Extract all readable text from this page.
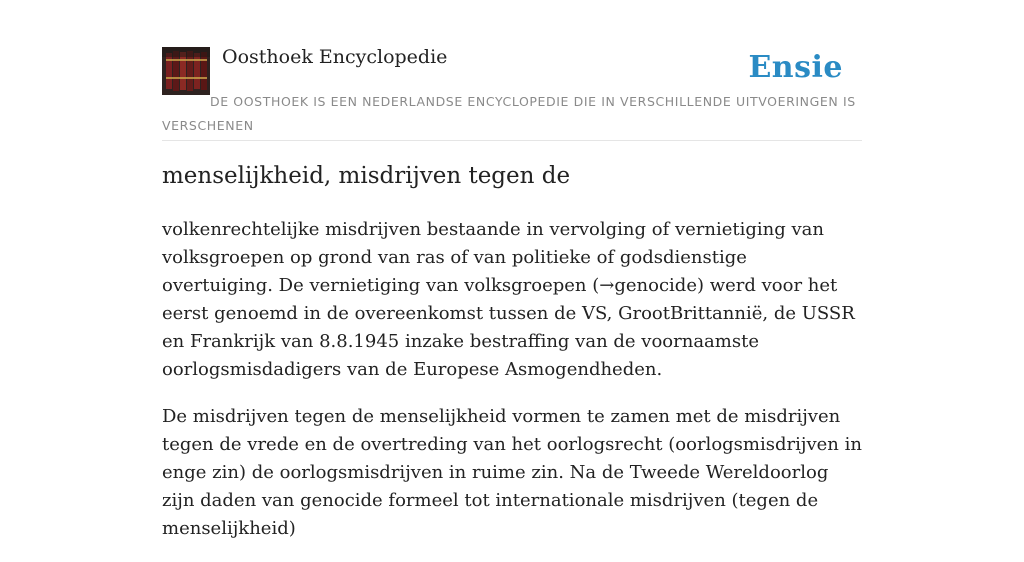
Oosthoek Encyclopedie	Ensie
DE OOSTHOEK IS EEN NEDERLANDSE ENCYCLOPEDIE DIE IN VERSCHILLENDE UITVOERINGEN IS VERSCHENEN
menselijkheid, misdrijven tegen de

volkenrechtelijke misdrijven bestaande in vervolging of vernietiging van volksgroepen op grond van ras of van politieke of godsdienstige overtuiging. De vernietiging van volksgroepen (→genocide) werd voor het eerst genoemd in de overeenkomst tussen de VS, GrootBrittannië, de USSR en Frankrijk van 8.8.1945 inzake bestraffing van de voornaamste oorlogsmisdadigers van de Europese Asmogendheden.

De misdrijven tegen de menselijkheid vormen te zamen met de misdrijven tegen de vrede en de overtreding van het oorlogsrecht (oorlogsmisdrijven in enge zin) de oorlogsmisdrijven in ruime zin. Na de Tweede Wereldoorlog zijn daden van genocide formeel tot internationale misdrijven (tegen de menselijkheid)
